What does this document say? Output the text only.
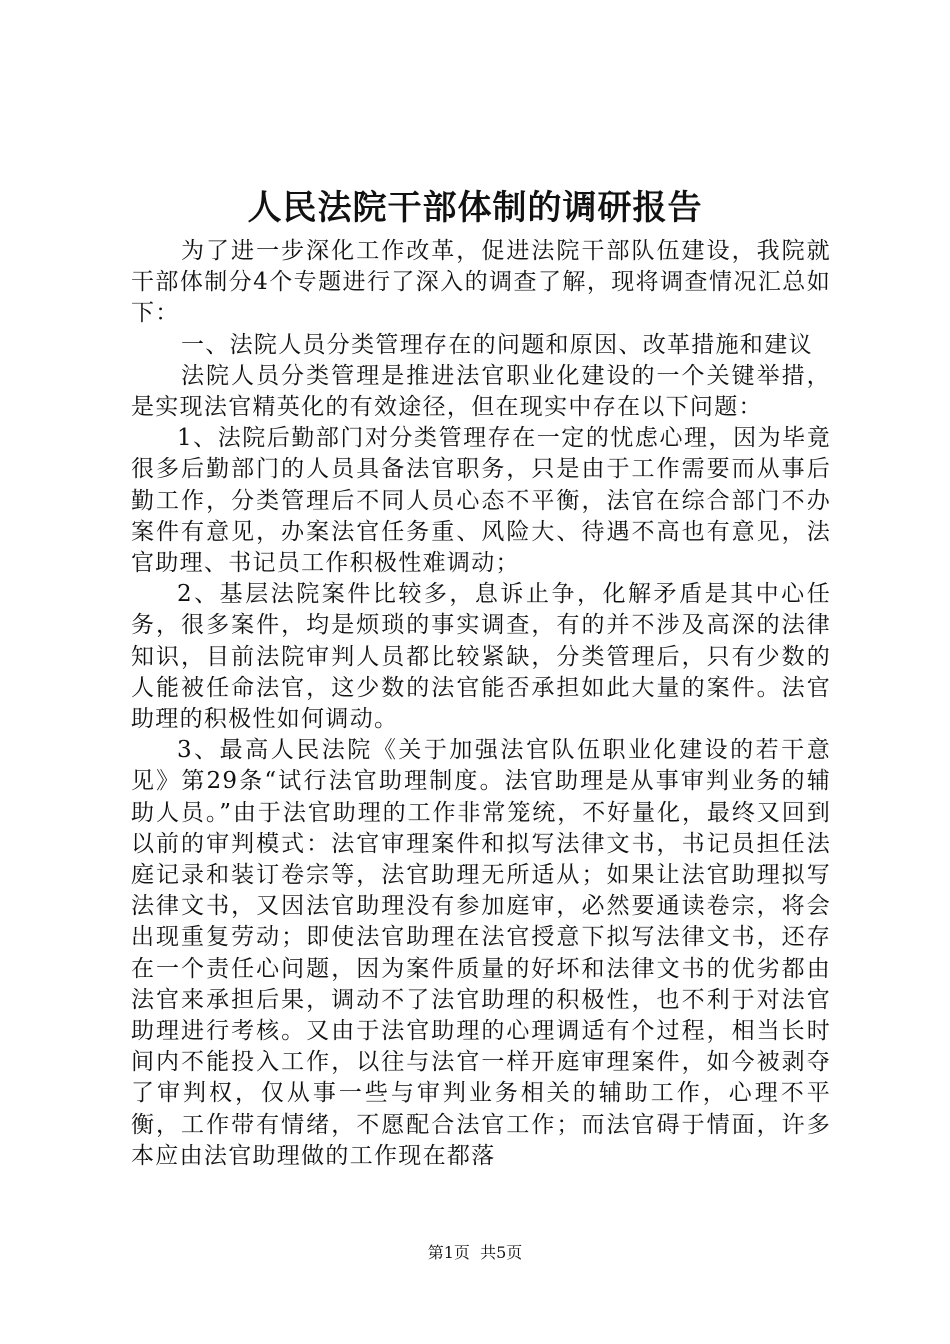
人民法院干部体制的调研报告

为了进一步深化工作改革，促进法院干部队伍建设，我院就干部体制分4个专题进行了深入的调查了解，现将调查情况汇总如下：

一、法院人员分类管理存在的问题和原因、改革措施和建议

法院人员分类管理是推进法官职业化建设的一个关键举措，是实现法官精英化的有效途径，但在现实中存在以下问题：

1、法院后勤部门对分类管理存在一定的忧虑心理，因为毕竟很多后勤部门的人员具备法官职务，只是由于工作需要而从事后勤工作，分类管理后不同人员心态不平衡，法官在综合部门不办案件有意见，办案法官任务重、风险大、待遇不高也有意见，法官助理、书记员工作积极性难调动；

2、基层法院案件比较多，息诉止争，化解矛盾是其中心任务，很多案件，均是烦琐的事实调查，有的并不涉及高深的法律知识，目前法院审判人员都比较紧缺，分类管理后，只有少数的人能被任命法官，这少数的法官能否承担如此大量的案件。法官助理的积极性如何调动。

3、最高人民法院《关于加强法官队伍职业化建设的若干意见》第29条“试行法官助理制度。法官助理是从事审判业务的辅助人员。”由于法官助理的工作非常笼统，不好量化，最终又回到以前的审判模式：法官审理案件和拟写法律文书，书记员担任法庭记录和装订卷宗等，法官助理无所适从；如果让法官助理拟写法律文书，又因法官助理没有参加庭审，必然要通读卷宗，将会出现重复劳动；即使法官助理在法官授意下拟写法律文书，还存在一个责任心问题，因为案件质量的好坏和法律文书的优劣都由法官来承担后果，调动不了法官助理的积极性，也不利于对法官助理进行考核。又由于法官助理的心理调适有个过程，相当长时间内不能投入工作，以往与法官一样开庭审理案件，如今被剥夺了审判权，仅从事一些与审判业务相关的辅助工作，心理不平衡，工作带有情绪，不愿配合法官工作；而法官碍于情面，许多本应由法官助理做的工作现在都落

第1页 共5页
